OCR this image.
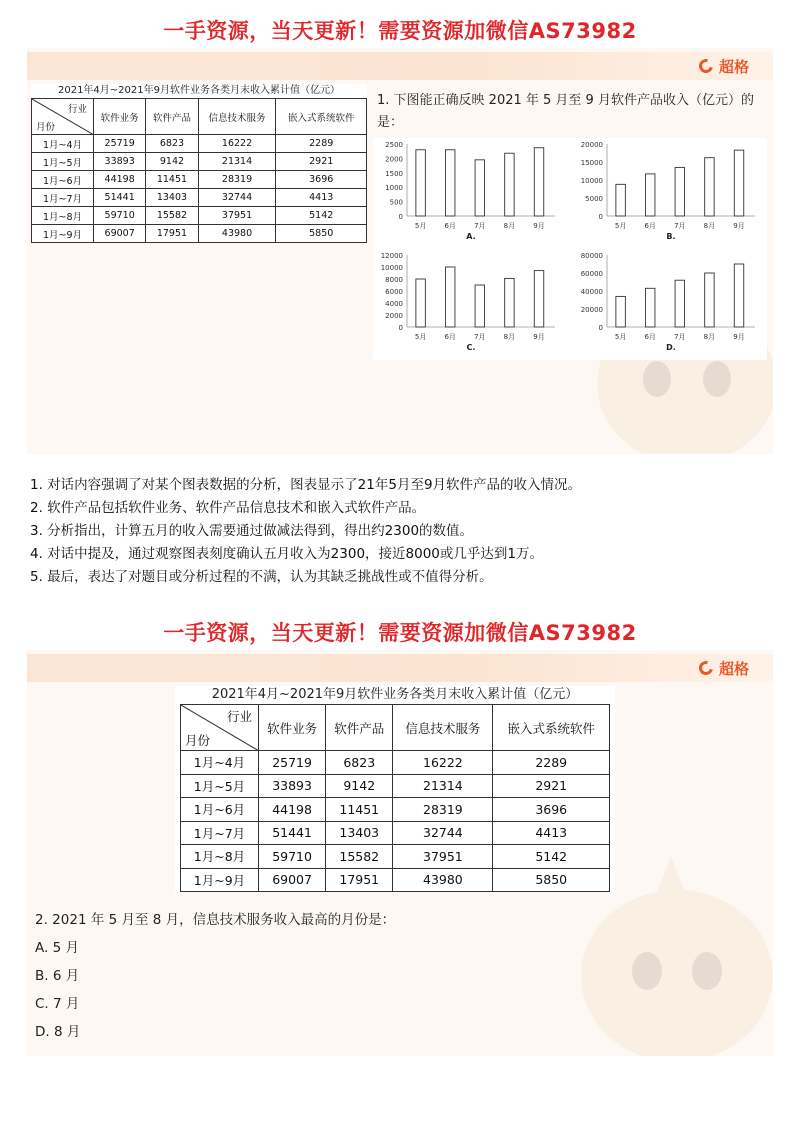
一手资源，当天更新！需要资源加微信AS73982
超格
2021年4月~2021年9月软件业务各类月末收入累计值（亿元）
行业
月份	软件业务	软件产品	信息技术服务	嵌入式系统软件
1月~4月	25719	6823	16222	2289
1月~5月	33893	9142	21314	2921
1月~6月	44198	11451	28319	3696
1月~7月	51441	13403	32744	4413
1月~8月	59710	15582	37951	5142
1月~9月	69007	17951	43980	5850
1. 下图能正确反映 2021 年 5 月至 9 月软件产品收入（亿元）的是：
2500
2000
1500
1000
500
0
5月	6月	7月	8月	9月
A.
20000
15000
10000
5000
0
5月	6月	7月	8月	9月
B.
12000
10000
8000
6000
4000
2000
0
5月	6月	7月	8月	9月
C.
80000
60000
40000
20000
0
5月	6月	7月	8月	9月
D.
1. 对话内容强调了对某个图表数据的分析，图表显示了21年5月至9月软件产品的收入情况。
2. 软件产品包括软件业务、软件产品信息技术和嵌入式软件产品。
3. 分析指出，计算五月的收入需要通过做减法得到，得出约2300的数值。
4. 对话中提及，通过观察图表刻度确认五月收入为2300，接近8000或几乎达到1万。
5. 最后，表达了对题目或分析过程的不满，认为其缺乏挑战性或不值得分析。
一手资源，当天更新！需要资源加微信AS73982
超格
2021年4月~2021年9月软件业务各类月末收入累计值（亿元）
行业
月份	软件业务	软件产品	信息技术服务	嵌入式系统软件
1月~4月	25719	6823	16222	2289
1月~5月	33893	9142	21314	2921
1月~6月	44198	11451	28319	3696
1月~7月	51441	13403	32744	4413
1月~8月	59710	15582	37951	5142
1月~9月	69007	17951	43980	5850
2. 2021 年 5 月至 8 月，信息技术服务收入最高的月份是：
A. 5 月
B. 6 月
C. 7 月
D. 8 月
